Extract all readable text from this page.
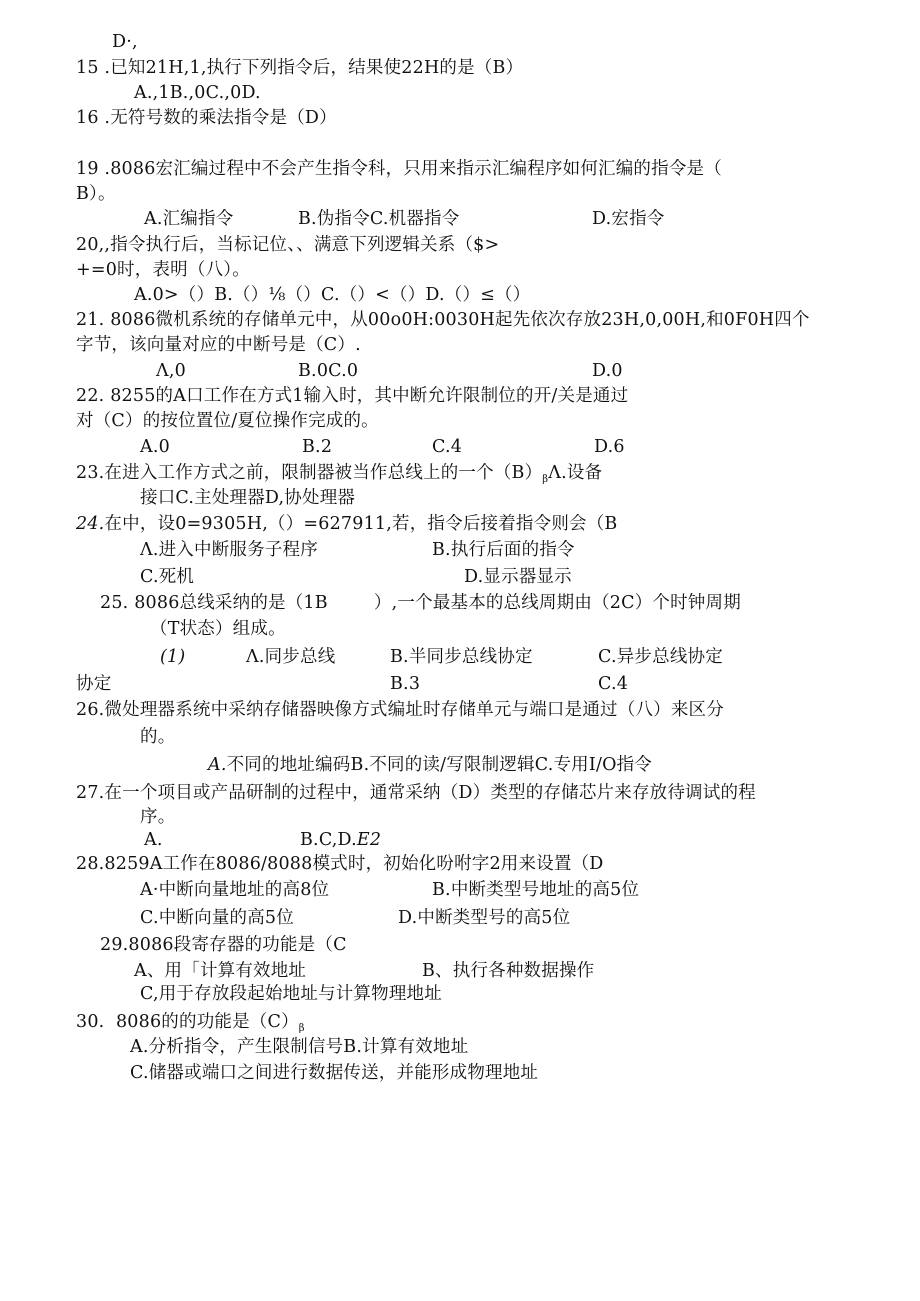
D·,
15 .已知21H,1,执行下列指令后，结果使22H的是（B）
A.,1B.,0C.,0D.
16 .无符号数的乘法指令是（D）
19 .8086宏汇编过程中不会产生指令科，只用来指示汇编程序如何汇编的指令是（
B）。
A.汇编指令	B.伪指令C.机器指令	D.宏指令
20,,指令执行后，当标记位、、满意下列逻辑关系（$>
+=0时，表明（八）。
A.0>（）B.（）⅛（）C.（）<（）D.（）≤（）
21. 8086微机系统的存储单元中，从00o0H:0030H起先依次存放23H,0,00H,和0F0H四个
字节，该向量对应的中断号是（C）.
Λ,0	B.0C.0	D.0
22. 8255的A口工作在方式1输入时，其中断允许限制位的开/关是通过
对（C）的按位置位/夏位操作完成的。
A.0	B.2	C.4	D.6
23.在进入工作方式之前，限制器被当作总线上的一个$(B)_\beta\Lambda$.设备
接口C.主处理器D,协处理器
24.在中，设0=9305H,（）=627911,若，指令后接着指令则会（B
Λ.进入中断服务子程序	B.执行后面的指令
C.死机	D.显示器显示
25. 8086总线采纳的是（1B        ）,一个最基本的总线周期由（2C）个时钟周期
（T状态）组成。
(1)	Λ.同步总线	B.半同步总线协定	C.异步总线协定
协定	B.3	C.4
26.微处理器系统中采纳存储器映像方式编址时存储单元与端口是通过（八）来区分
的。
A.不同的地址编码B.不同的读/写限制逻辑C.专用I/O指令
27.在一个项目或产品研制的过程中，通常采纳（D）类型的存储芯片来存放待调试的程
序。
A.	B.C,D.E2
28.8259A工作在8086/8088模式时，初始化吩咐字2用来设置（D
A·中断向量地址的高8位	B.中断类型号地址的高5位
C.中断向量的高5位	D.中断类型号的高5位
29.8086段寄存器的功能是（C
A、用「计算有效地址	B、执行各种数据操作
C,用于存放段起始地址与计算物理地址
30.  8086的的功能是$(C)_\beta$
A.分析指令，产生限制信号B.计算有效地址
C.储器或端口之间进行数据传送，并能形成物理地址
